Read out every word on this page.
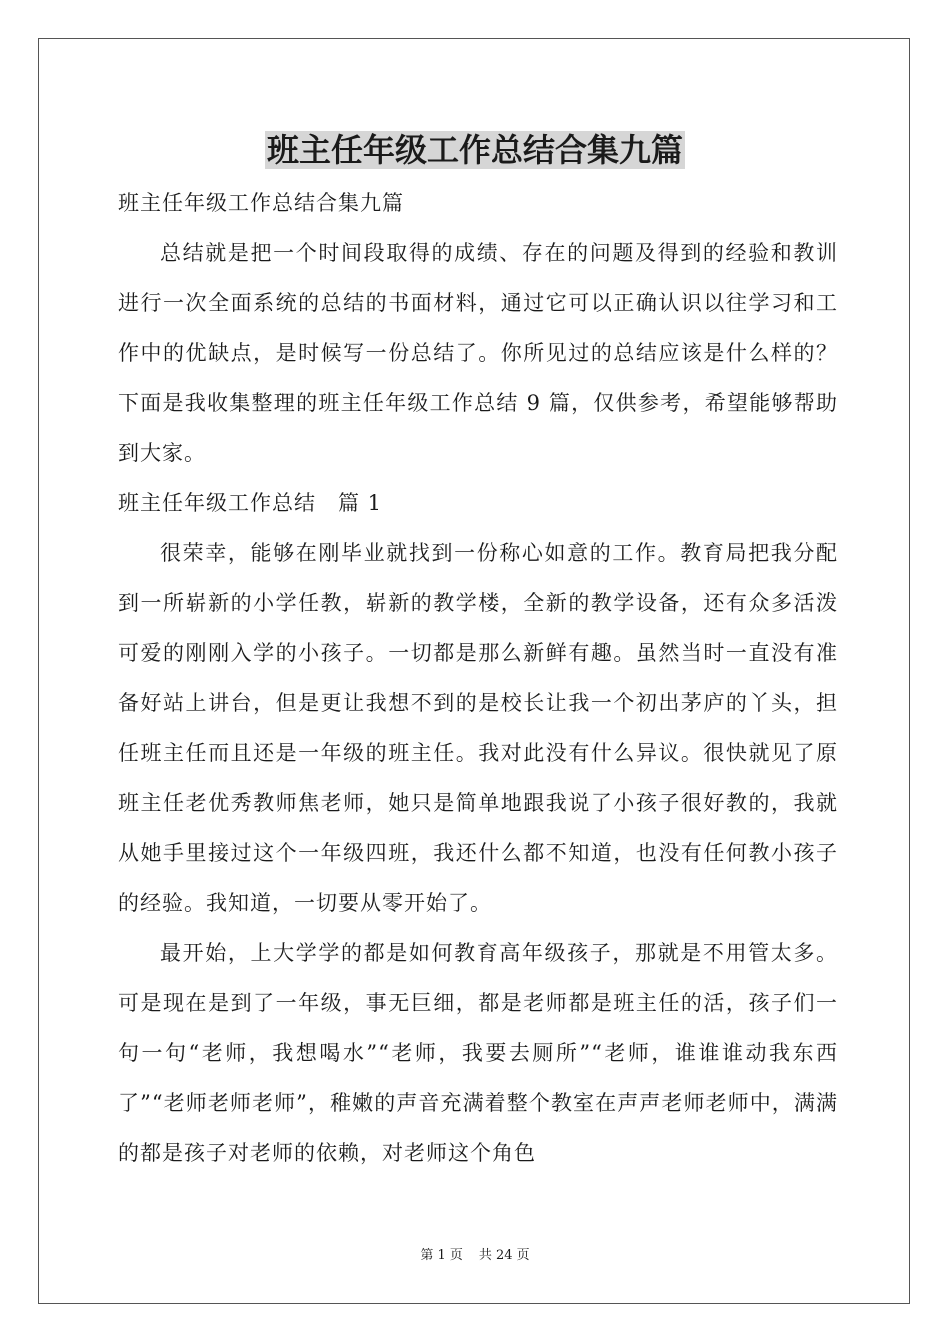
班主任年级工作总结合集九篇

班主任年级工作总结合集九篇

总结就是把一个时间段取得的成绩、存在的问题及得到的经验和教训进行一次全面系统的总结的书面材料，通过它可以正确认识以往学习和工作中的优缺点，是时候写一份总结了。你所见过的总结应该是什么样的？下面是我收集整理的班主任年级工作总结 9 篇，仅供参考，希望能够帮助到大家。

班主任年级工作总结　篇 1

很荣幸，能够在刚毕业就找到一份称心如意的工作。教育局把我分配到一所崭新的小学任教，崭新的教学楼，全新的教学设备，还有众多活泼可爱的刚刚入学的小孩子。一切都是那么新鲜有趣。虽然当时一直没有准备好站上讲台，但是更让我想不到的是校长让我一个初出茅庐的丫头，担任班主任而且还是一年级的班主任。我对此没有什么异议。很快就见了原班主任老优秀教师焦老师，她只是简单地跟我说了小孩子很好教的，我就从她手里接过这个一年级四班，我还什么都不知道，也没有任何教小孩子的经验。我知道，一切要从零开始了。

最开始，上大学学的都是如何教育高年级孩子，那就是不用管太多。可是现在是到了一年级，事无巨细，都是老师都是班主任的活，孩子们一句一句“老师，我想喝水”“老师，我要去厕所”“老师，谁谁谁动我东西了”“老师老师老师”，稚嫩的声音充满着整个教室在声声老师老师中，满满的都是孩子对老师的依赖，对老师这个角色

第 1 页 共 24 页
